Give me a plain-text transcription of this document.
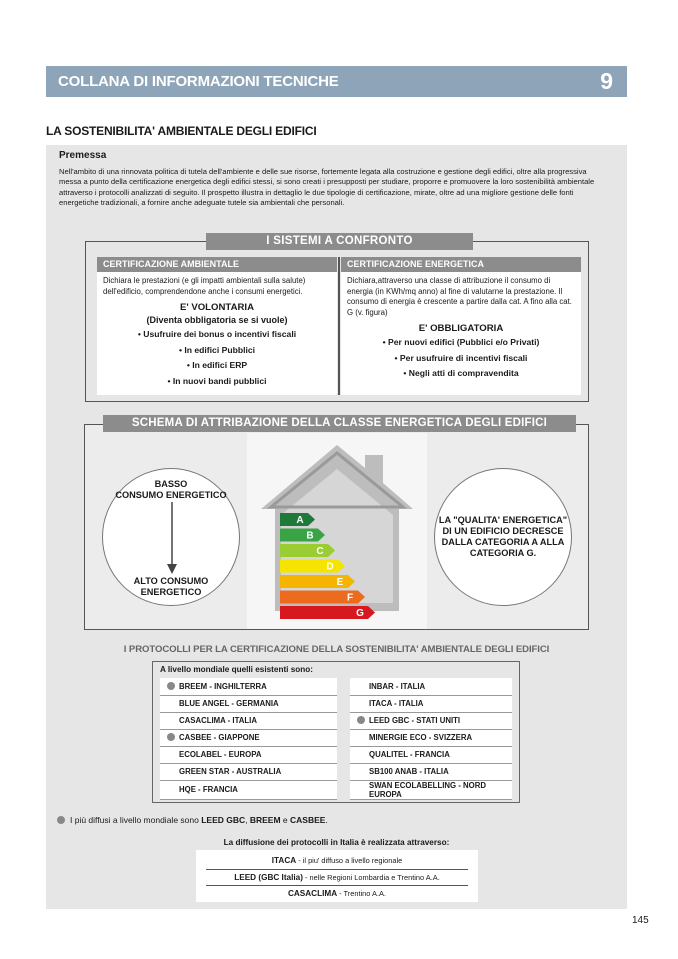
COLLANA DI INFORMAZIONI TECNICHE	9
LA SOSTENIBILITA' AMBIENTALE DEGLI EDIFICI
Premessa
Nell'ambito di una rinnovata politica di tutela dell'ambiente e delle sue risorse, fortemente legata alla costruzione e gestione degli edifici, oltre alla progressiva messa a punto della certificazione energetica degli edifici stessi, si sono creati i presupposti per studiare, proporre e promuovere la loro sostenibilità ambientale attraverso i protocolli analizzati di seguito. Il prospetto illustra in dettaglio le due tipologie di certificazione, mirate, oltre ad una migliore gestione delle fonti energetiche tradizionali, a fornire anche adeguate tutele sia ambientali che personali.
I SISTEMI A CONFRONTO
CERTIFICAZIONE AMBIENTALE
Dichiara le prestazioni (e gli impatti ambientali sulla salute) dell'edificio, comprendendone anche i consumi energetici.
E' VOLONTARIA
(Diventa obbligatoria se si vuole)
• Usufruire dei bonus o incentivi fiscali
• In edifici Pubblici
• In edifici ERP
• In nuovi bandi pubblici
CERTIFICAZIONE ENERGETICA
Dichiara,attraverso una classe di attribuzione il consumo di energia (in KWh/mq anno) al fine di valutarne la prestazione. Il consumo di energia è crescente a partire dalla cat. A fino alla cat. G (v. figura)
E' OBBLIGATORIA
• Per nuovi edifici (Pubblici e/o Privati)
• Per usufruire di incentivi fiscali
• Negli atti di compravendita
SCHEMA DI ATTRIBAZIONE DELLA CLASSE ENERGETICA DEGLI EDIFICI
BASSO
CONSUMO ENERGETICO
ALTO CONSUMO
ENERGETICO
A
B
C
D
E
F
G
LA "QUALITA' ENERGETICA"
DI UN EDIFICIO DECRESCE
DALLA CATEGORIA A ALLA
CATEGORIA G.
I PROTOCOLLI PER LA CERTIFICAZIONE DELLA SOSTENIBILITA' AMBIENTALE DEGLI EDIFICI
A livello mondiale quelli esistenti sono:
BREEM - INGHILTERRA		INBAR - ITALIA
BLUE ANGEL - GERMANIA		ITACA - ITALIA
CASACLIMA - ITALIA		LEED GBC - STATI UNITI
CASBEE - GIAPPONE		MINERGIE ECO - SVIZZERA
ECOLABEL - EUROPA		QUALITEL - FRANCIA
GREEN STAR - AUSTRALIA		SB100 ANAB - ITALIA
HQE - FRANCIA		SWAN ECOLABELLING - NORD EUROPA
I più diffusi a livello mondiale sono LEED GBC, BREEM e CASBEE.
La diffusione dei protocolli in Italia è realizzata attraverso:
ITACA - il piu' diffuso a livello regionale
LEED (GBC Italia) - nelle Regioni Lombardia e Trentino A.A.
CASACLIMA - Trentino A.A.
145
